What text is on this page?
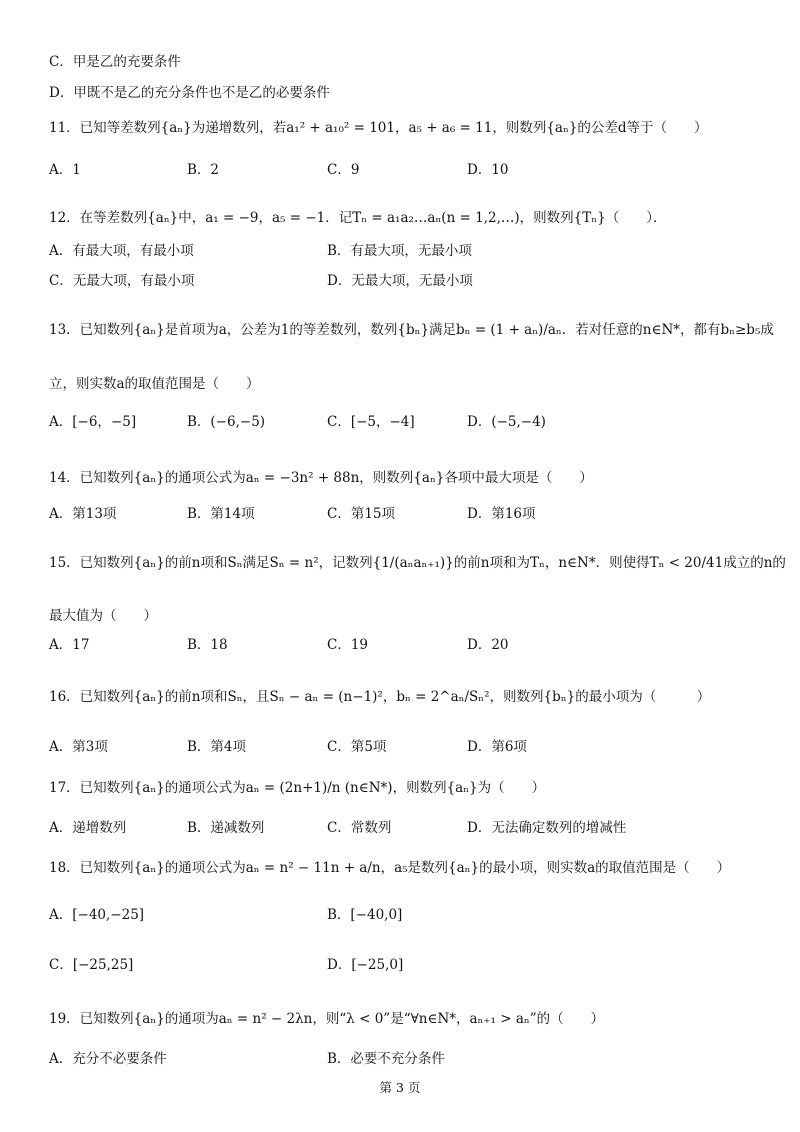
C．甲是乙的充要条件
D．甲既不是乙的充分条件也不是乙的必要条件
11．已知等差数列{aₙ}为递增数列，若a₁² + a₁₀² = 101，a₅ + a₆ = 11，则数列{aₙ}的公差d等于（　　）
12．在等差数列{aₙ}中，a₁ = −9，a₅ = −1．记Tₙ = a₁a₂…aₙ(n = 1,2,…)，则数列{Tₙ}（　　）．
13．已知数列{aₙ}是首项为a，公差为1的等差数列，数列{bₙ}满足bₙ = (1 + aₙ)/aₙ．若对任意的n∈N*，都有bₙ≥b₅成
立，则实数a的取值范围是（　　）
14．已知数列{aₙ}的通项公式为aₙ = −3n² + 88n，则数列{aₙ}各项中最大项是（　　）
15．已知数列{aₙ}的前n项和Sₙ满足Sₙ = n²，记数列{1/(aₙaₙ₊₁)}的前n项和为Tₙ，n∈N*．则使得Tₙ < 20/41成立的n的
最大值为（　　）
16．已知数列{aₙ}的前n项和Sₙ，且Sₙ − aₙ = (n−1)²，bₙ = 2^aₙ/Sₙ²，则数列{bₙ}的最小项为（　　　）
17．已知数列{aₙ}的通项公式为aₙ = (2n+1)/n (n∈N*)，则数列{aₙ}为（　　）
18．已知数列{aₙ}的通项公式为aₙ = n² − 11n + a/n，a₅是数列{aₙ}的最小项，则实数a的取值范围是（　　）
19．已知数列{aₙ}的通项为aₙ = n² − 2λn，则“λ < 0”是“∀n∈N*，aₙ₊₁ > aₙ”的（　　）
A．1	B．2	C．9	D．10
A．有最大项，有最小项	B．有最大项，无最小项
C．无最大项，有最小项	D．无最大项，无最小项
A．[−6，−5]	B．(−6,−5)	C．[−5，−4]	D．(−5,−4)
A．第13项	B．第14项	C．第15项	D．第16项
A．17	B．18	C．19	D．20
A．第3项	B．第4项	C．第5项	D．第6项
A．递增数列	B．递减数列	C．常数列	D．无法确定数列的增减性
A．[−40,−25]	B．[−40,0]
C．[−25,25]	D．[−25,0]
A．充分不必要条件	B．必要不充分条件
第 3 页
